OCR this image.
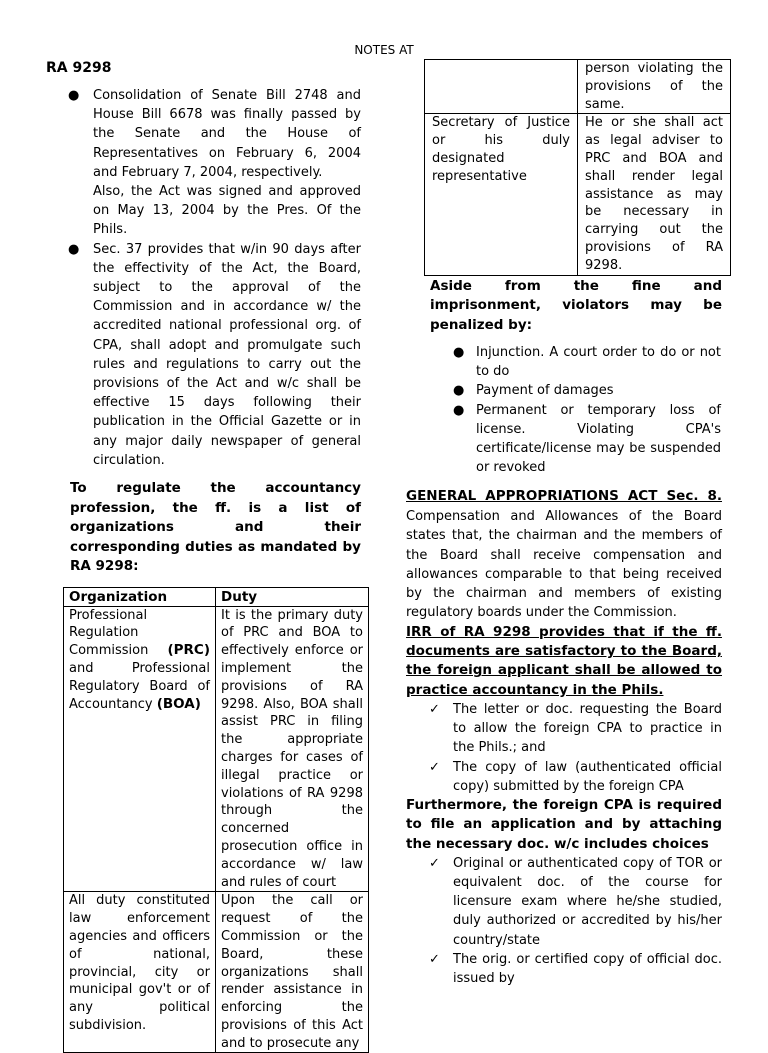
NOTES AT
RA 9298
● Consolidation of Senate Bill 2748 and House Bill 6678 was finally passed by the Senate and the House of Representatives on February 6, 2004 and February 7, 2004, respectively.
Also, the Act was signed and approved on May 13, 2004 by the Pres. Of the Phils.
● Sec. 37 provides that w/in 90 days after the effectivity of the Act, the Board, subject to the approval of the Commission and in accordance w/ the accredited national professional org. of CPA, shall adopt and promulgate such rules and regulations to carry out the provisions of the Act and w/c shall be effective 15 days following their publication in the Official Gazette or in any major daily newspaper of general circulation.

To regulate the accountancy profession, the ff. is a list of organizations and their corresponding duties as mandated by RA 9298:

Organization	Duty
Professional Regulation Commission (PRC) and Professional Regulatory Board of Accountancy (BOA)	It is the primary duty of PRC and BOA to effectively enforce or implement the provisions of RA 9298. Also, BOA shall assist PRC in filing the appropriate charges for cases of illegal practice or violations of RA 9298 through the concerned prosecution office in accordance w/ law and rules of court
All duty constituted law enforcement agencies and officers of national, provincial, city or municipal gov't or of any political subdivision.	Upon the call or request of the Commission or the Board, these organizations shall render assistance in enforcing the provisions of this Act and to prosecute any
	person violating the provisions of the same.
Secretary of Justice or his duly designated representative	He or she shall act as legal adviser to PRC and BOA and shall render legal assistance as may be necessary in carrying out the provisions of RA 9298.

Aside from the fine and imprisonment, violators may be penalized by:

● Injunction. A court order to do or not to do
● Payment of damages
● Permanent or temporary loss of license. Violating CPA's certificate/license may be suspended or revoked

GENERAL APPROPRIATIONS ACT Sec. 8.

Compensation and Allowances of the Board states that, the chairman and the members of the Board shall receive compensation and allowances comparable to that being received by the chairman and members of existing regulatory boards under the Commission.

IRR of RA 9298 provides that if the ff. documents are satisfactory to the Board, the foreign applicant shall be allowed to practice accountancy in the Phils.

✓ The letter or doc. requesting the Board to allow the foreign CPA to practice in the Phils.; and
✓ The copy of law (authenticated official copy) submitted by the foreign CPA

Furthermore, the foreign CPA is required to file an application and by attaching the necessary doc. w/c includes choices

✓ Original or authenticated copy of TOR or equivalent doc. of the course for licensure exam where he/she studied, duly authorized or accredited by his/her country/state
✓ The orig. or certified copy of official doc. issued by
